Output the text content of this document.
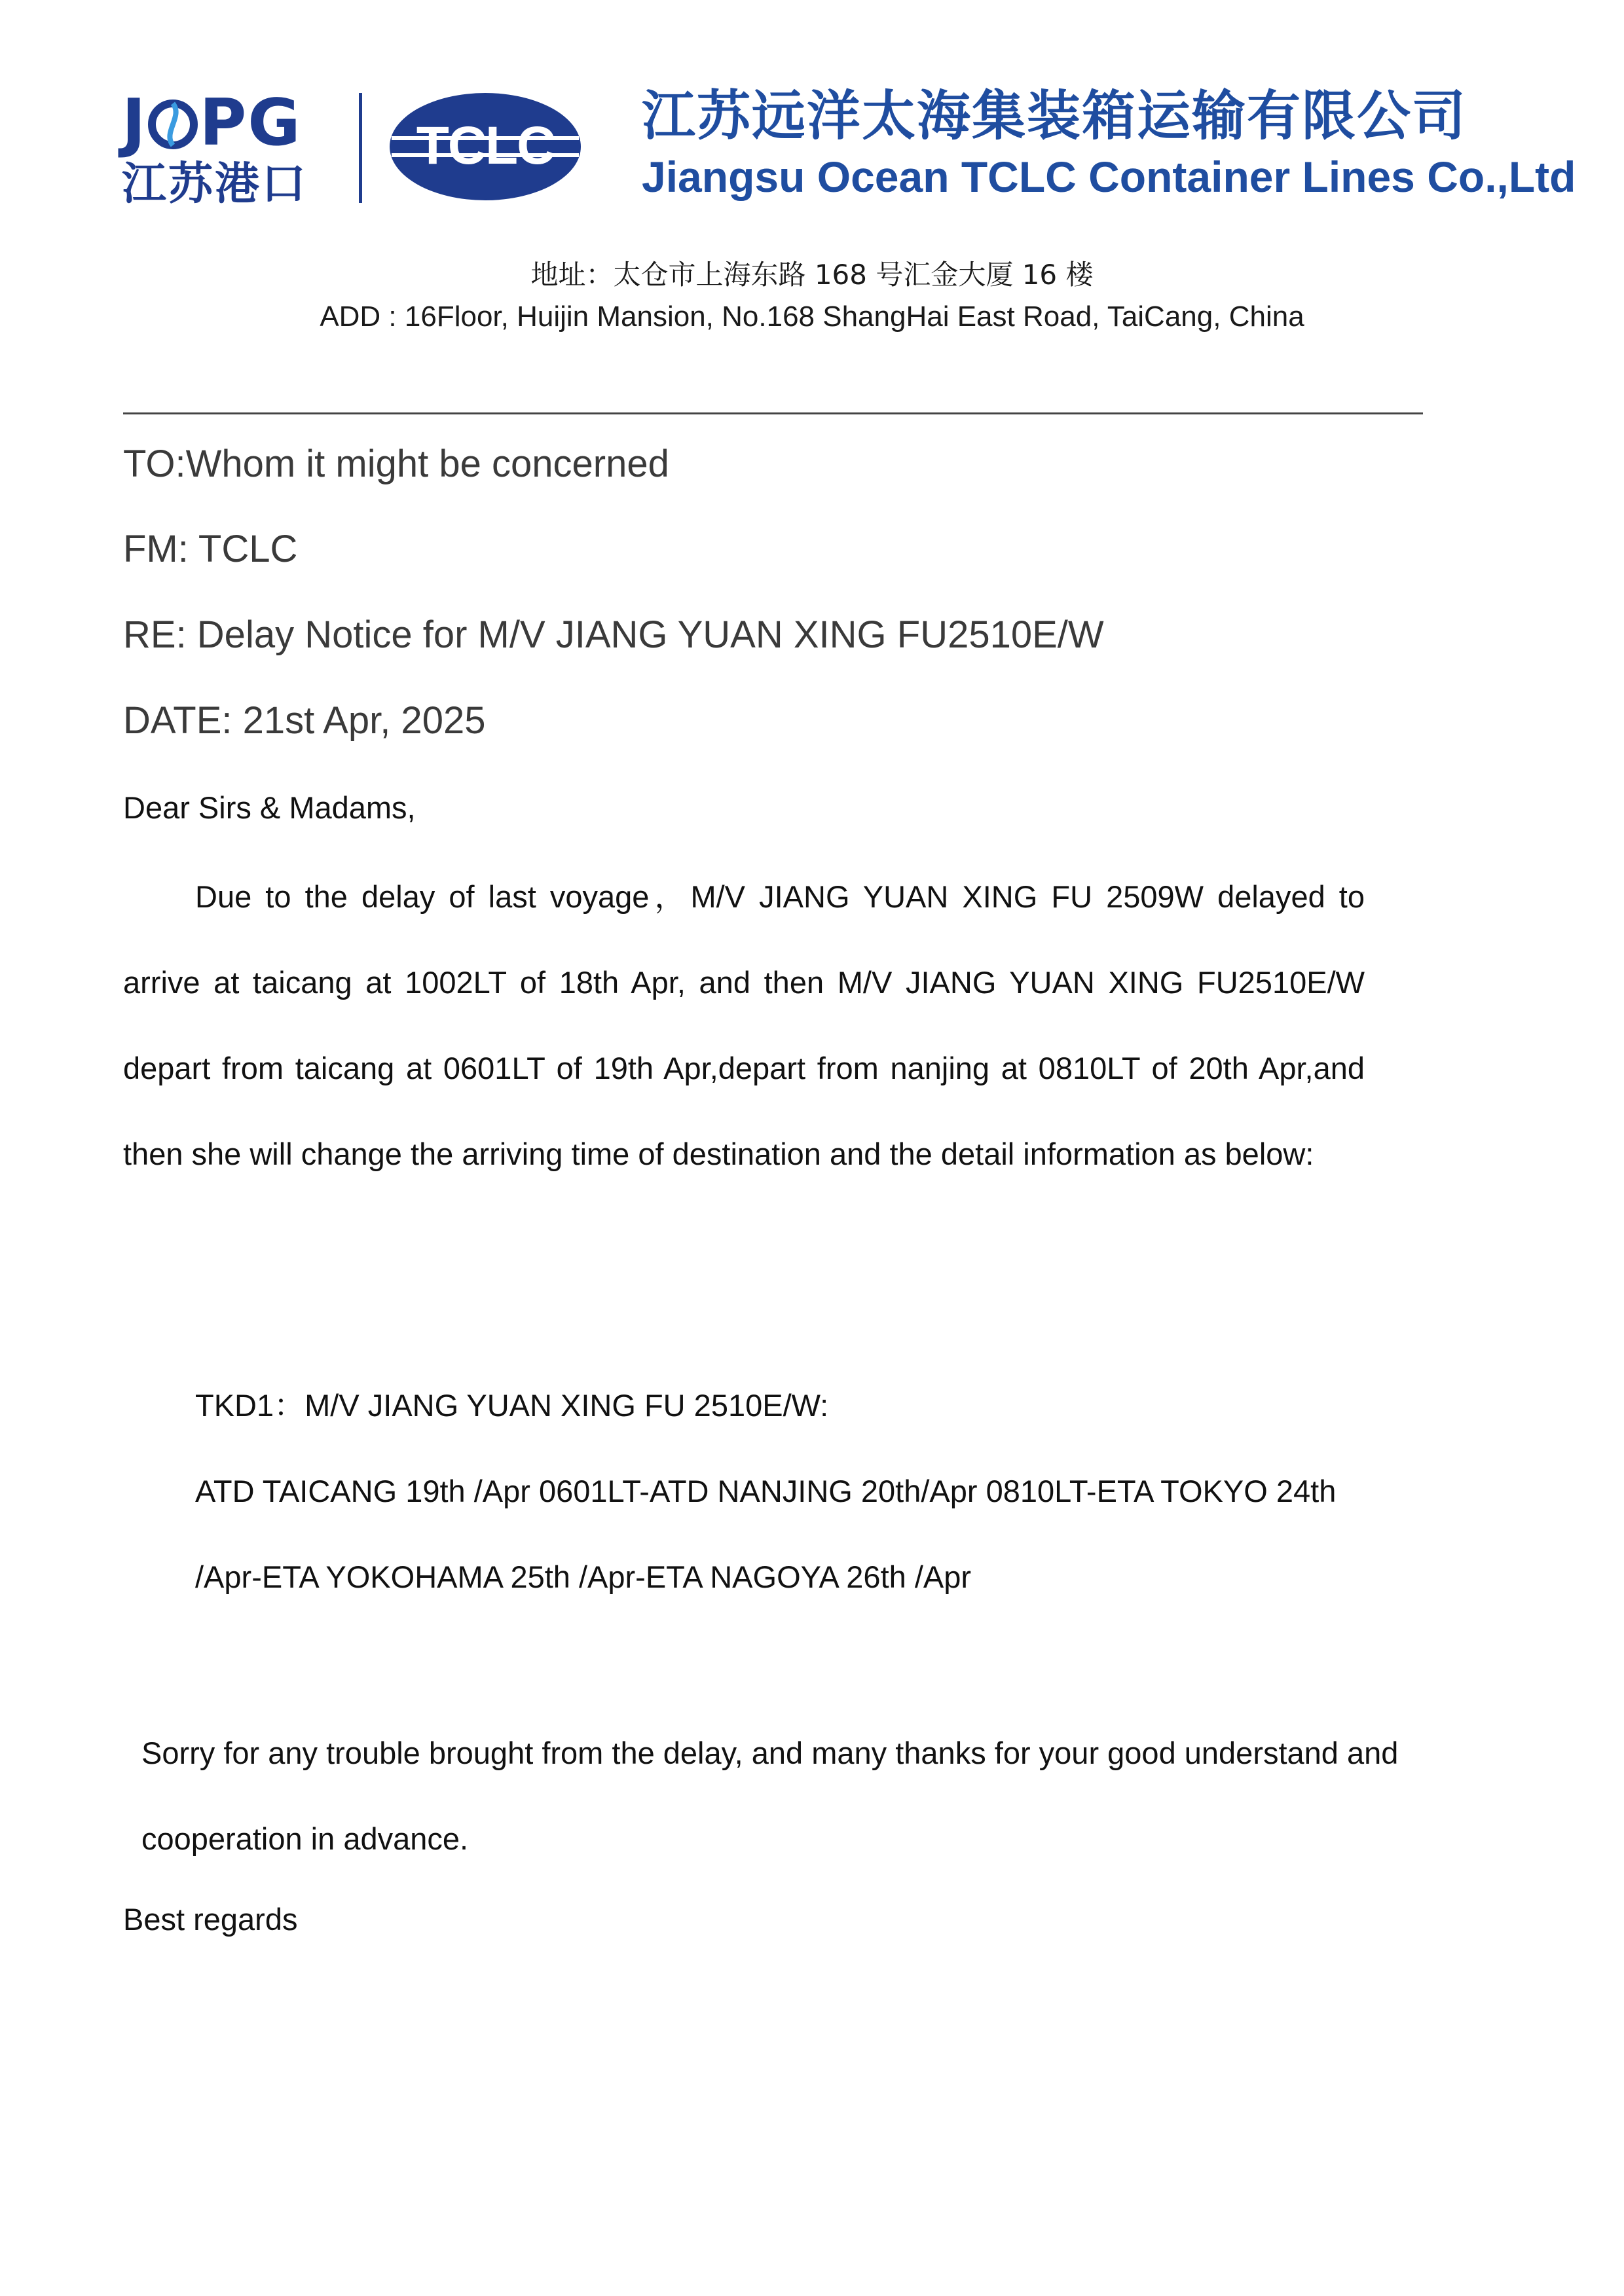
J PG
江苏港口
TCLC 江苏远洋太海集装箱运输有限公司
Jiangsu Ocean TCLC Container Lines Co.,Ltd
地址：太仓市上海东路 168 号汇金大厦 16 楼
ADD : 16Floor, Huijin Mansion, No.168 ShangHai East Road, TaiCang, China
TO:Whom it might be concerned
FM: TCLC
RE: Delay Notice for M/V JIANG YUAN XING FU2510E/W
DATE: 21st Apr, 2025
Dear Sirs & Madams,
Due to the delay of last voyage，M/V JIANG YUAN XING FU 2509W delayed to arrive at taicang at 1002LT of 18th Apr, and then M/V JIANG YUAN XING FU2510E/W depart from taicang at 0601LT of 19th Apr,depart from nanjing at 0810LT of 20th Apr,and then she will change the arriving time of destination and the detail information as below:
TKD1：M/V JIANG YUAN XING FU 2510E/W:
ATD TAICANG 19th /Apr 0601LT-ATD NANJING 20th/Apr 0810LT-ETA TOKYO 24th
/Apr-ETA YOKOHAMA 25th /Apr-ETA NAGOYA 26th /Apr
Sorry for any trouble brought from the delay, and many thanks for your good understand and cooperation in advance.
Best regards
